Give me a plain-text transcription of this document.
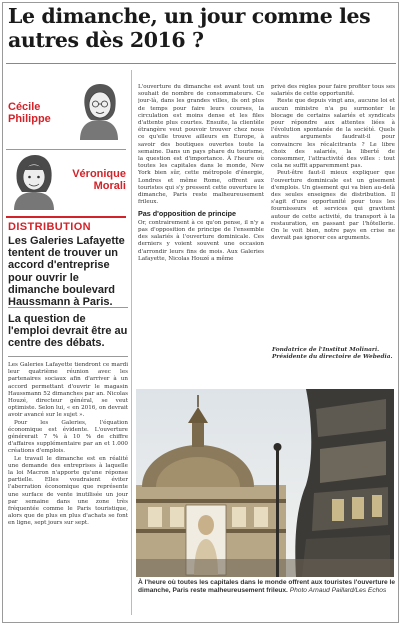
Le dimanche, un jour comme les autres dès 2016 ?
Cécile
Philippe
Véronique
Morali
DISTRIBUTION
Les Galeries Lafayette tentent de trouver un accord d'entreprise pour ouvrir le dimanche boulevard Haussmann à Paris.
La question de l'emploi devrait être au centre des débats.

Les Galeries Lafayette tiendront ce mardi leur quatrième réunion avec les partenaires sociaux afin d'arriver à un accord permettant d'ouvrir le magasin Haussmann 52 dimanches par an. Nicolas Houzé, directeur général, se veut optimiste. Selon lui, « en 2016, on devrait avoir avancé sur le sujet ».

Pour les Galeries, l'équation économique est évidente. L'ouverture générerait 7 % à 10 % de chiffre d'affaires supplémentaire par an et 1.000 créations d'emplois.

Le travail le dimanche est en réalité une demande des entreprises à laquelle la loi Macron n'apporte qu'une réponse partielle. Elles voudraient éviter l'aberration économique que représente une surface de vente inutilisée un jour par semaine dans une zone très fréquentée comme le Paris touristique, alors que de plus en plus d'achats se font en ligne, sept jours sur sept.

L'ouverture du dimanche est avant tout un souhait de nombre de consommateurs. Ce jour-là, dans les grandes villes, ils ont plus de temps pour faire leurs courses, la circulation est moins dense et les files d'attente plus courtes. Ensuite, la clientèle étrangère veut pouvoir trouver chez nous ce qu'elle trouve ailleurs en Europe, à savoir des boutiques ouvertes toute la semaine. Dans un pays phare du tourisme, la question est d'importance. À l'heure où toutes les capitales dans le monde, New York bien sûr, cette métropole d'énergie, Londres et même Rome, offrent aux touristes qui s'y pressent cette ouverture le dimanche, Paris reste malheureusement frileux.

Pas d'opposition de principe

Or, contrairement à ce qu'on pense, il n'y a pas d'opposition de principe de l'ensemble des salariés à l'ouverture dominicale. Ces derniers y voient souvent une occasion d'arrondir leurs fins de mois. Aux Galeries Lafayette, Nicolas Houzé a même

privé des règles pour faire profiter tous ses salariés de cette opportunité.

Reste que depuis vingt ans, aucune loi et aucun ministre n'a pu surmonter le blocage de certains salariés et syndicats pour répondre aux attentes liées à l'évolution spontanée de la société. Quels autres arguments faudrait-il pour convaincre les récalcitrants ? Le libre choix des salariés, la liberté de consommer, l'attractivité des villes : tout cela ne suffit apparemment pas.

Peut-être faut-il mieux expliquer que l'ouverture dominicale est un gisement d'emplois. Un gisement qui va bien au-delà des seules enseignes de distribution. Il s'agit d'une opportunité pour tous les fournisseurs et services qui gravitent autour de cette activité, du transport à la restauration, en passant par l'hôtellerie. On le voit bien, notre pays en crise ne devrait pas ignorer ces arguments.

Fondatrice de l'Institut Molinari. Présidente du directoire de Webedia.
À l'heure où toutes les capitales dans le monde offrent aux touristes l'ouverture le dimanche, Paris reste malheureusement frileux. Photo Arnaud Paillard/Les Echos
